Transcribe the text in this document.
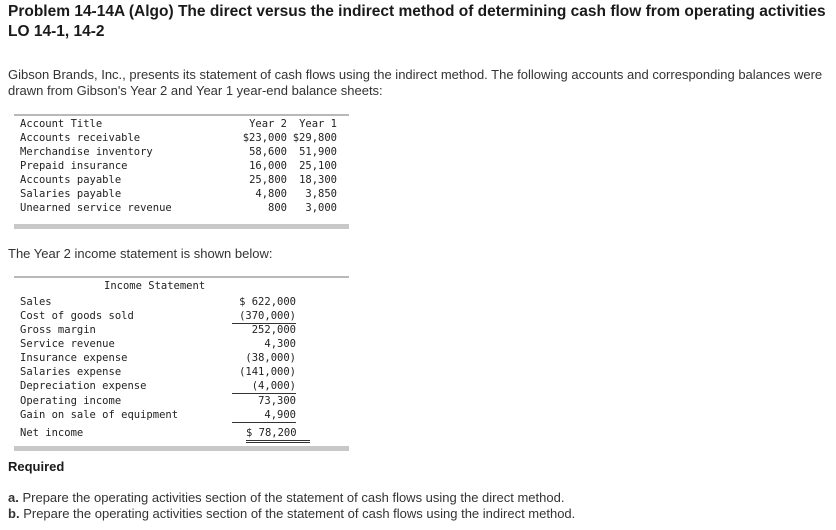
Problem 14-14A (Algo) The direct versus the indirect method of determining cash flow from operating activities LO 14-1, 14-2
Gibson Brands, Inc., presents its statement of cash flows using the indirect method. The following accounts and corresponding balances were drawn from Gibson's Year 2 and Year 1 year-end balance sheets:
Account Title	Year 2 Year 1
Accounts receivable	$23,000 $29,800
Merchandise inventory	58,600 51,900
Prepaid insurance	16,000 25,100
Accounts payable	25,800 18,300
Salaries payable	4,800 3,850
Unearned service revenue	800 3,000
The Year 2 income statement is shown below:
Income Statement
Sales	$ 622,000
Cost of goods sold	(370,000)
Gross margin	252,000
Service revenue	4,300
Insurance expense	(38,000)
Salaries expense	(141,000)
Depreciation expense	(4,000)
Operating income	73,300
Gain on sale of equipment	4,900
Net income	$ 78,200
Required
a. Prepare the operating activities section of the statement of cash flows using the direct method.
b. Prepare the operating activities section of the statement of cash flows using the indirect method.
